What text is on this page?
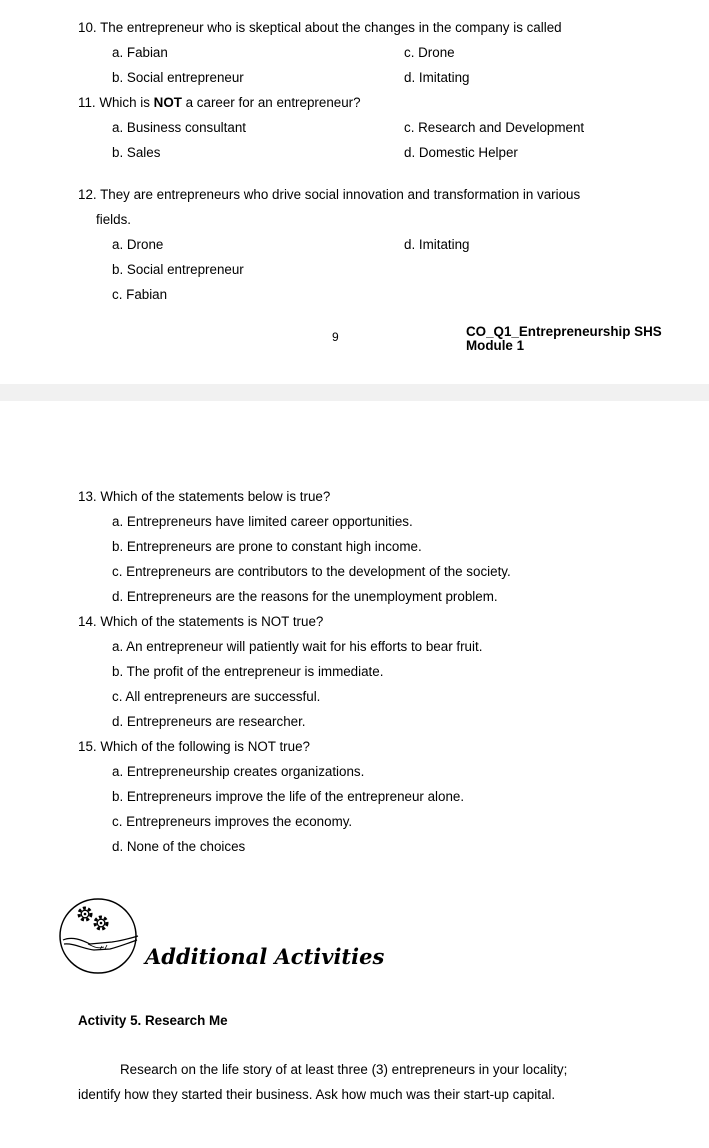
10. The entrepreneur who is skeptical about the changes in the company is called
a. Fabian	c. Drone
b. Social entrepreneur	d. Imitating
11. Which is NOT a career for an entrepreneur?
a. Business consultant	c. Research and Development
b. Sales	d. Domestic Helper
12. They are entrepreneurs who drive social innovation and transformation in various
fields.
a. Drone	d. Imitating
b. Social entrepreneur
c. Fabian
9	CO_Q1_Entrepreneurship SHS
Module 1
13. Which of the statements below is true?
a. Entrepreneurs have limited career opportunities.
b. Entrepreneurs are prone to constant high income.
c. Entrepreneurs are contributors to the development of the society.
d. Entrepreneurs are the reasons for the unemployment problem.
14. Which of the statements is NOT true?
a. An entrepreneur will patiently wait for his efforts to bear fruit.
b. The profit of the entrepreneur is immediate.
c. All entrepreneurs are successful.
d. Entrepreneurs are researcher.
15. Which of the following is NOT true?
a. Entrepreneurship creates organizations.
b. Entrepreneurs improve the life of the entrepreneur alone.
c. Entrepreneurs improves the economy.
d. None of the choices
Additional Activities
Activity 5. Research Me
Research on the life story of at least three (3) entrepreneurs in your locality;
identify how they started their business. Ask how much was their start-up capital.
